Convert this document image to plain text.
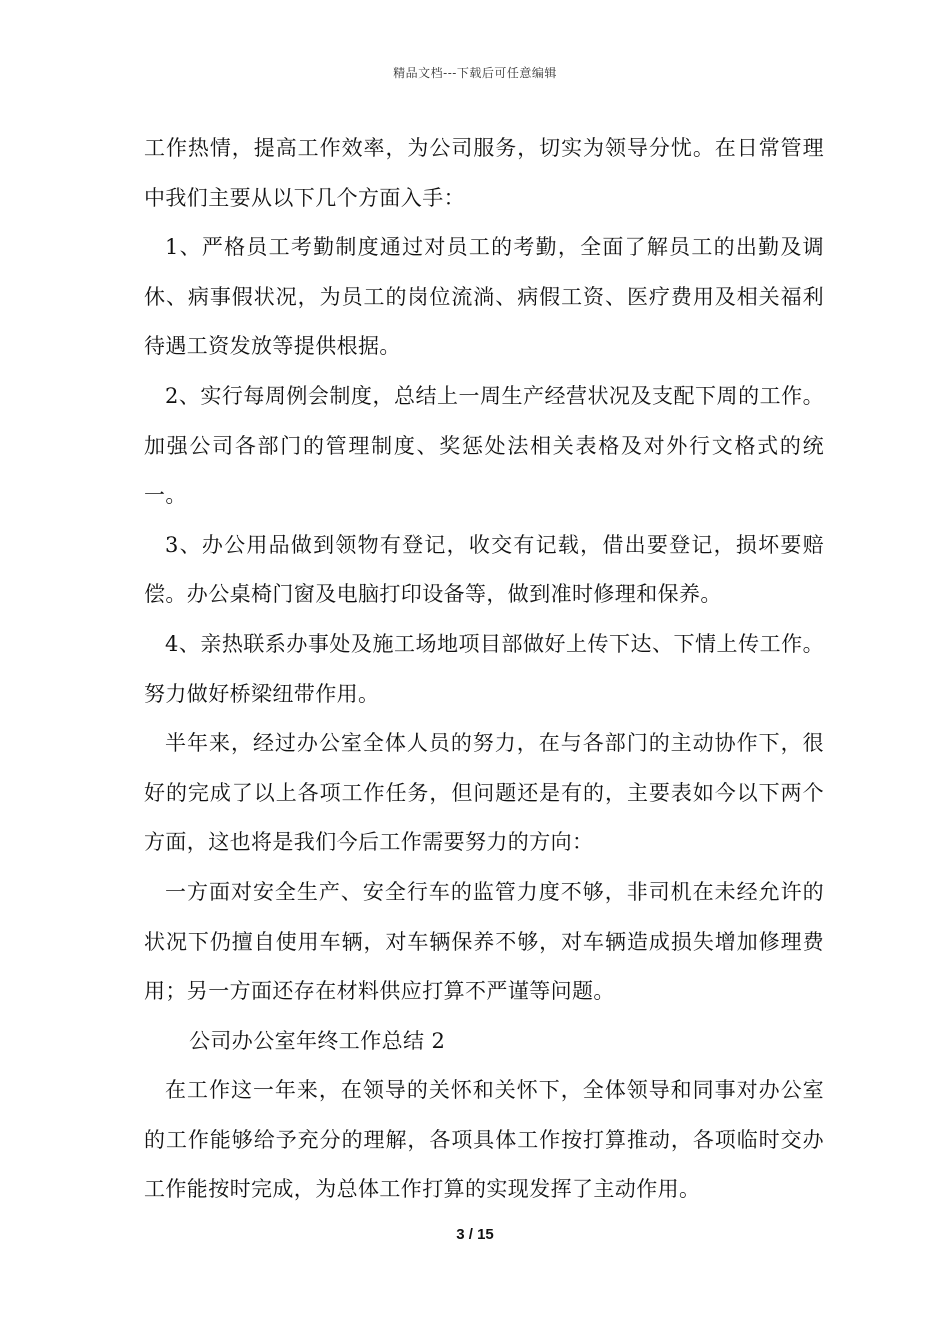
精品文档---下载后可任意编辑

工作热情，提高工作效率，为公司服务，切实为领导分忧。在日常管理中我们主要从以下几个方面入手：

1、严格员工考勤制度通过对员工的考勤，全面了解员工的出勤及调休、病事假状况，为员工的岗位流淌、病假工资、医疗费用及相关福利待遇工资发放等提供根据。

2、实行每周例会制度，总结上一周生产经营状况及支配下周的工作。加强公司各部门的管理制度、奖惩处法相关表格及对外行文格式的统一。

3、办公用品做到领物有登记，收交有记载，借出要登记，损坏要赔偿。办公桌椅门窗及电脑打印设备等，做到准时修理和保养。

4、亲热联系办事处及施工场地项目部做好上传下达、下情上传工作。努力做好桥梁纽带作用。

半年来，经过办公室全体人员的努力，在与各部门的主动协作下，很好的完成了以上各项工作任务，但问题还是有的，主要表如今以下两个方面，这也将是我们今后工作需要努力的方向：

一方面对安全生产、安全行车的监管力度不够，非司机在未经允许的状况下仍擅自使用车辆，对车辆保养不够，对车辆造成损失增加修理费用；另一方面还存在材料供应打算不严谨等问题。

公司办公室年终工作总结 2

在工作这一年来，在领导的关怀和关怀下，全体领导和同事对办公室的工作能够给予充分的理解，各项具体工作按打算推动，各项临时交办工作能按时完成，为总体工作打算的实现发挥了主动作用。

3 / 15
